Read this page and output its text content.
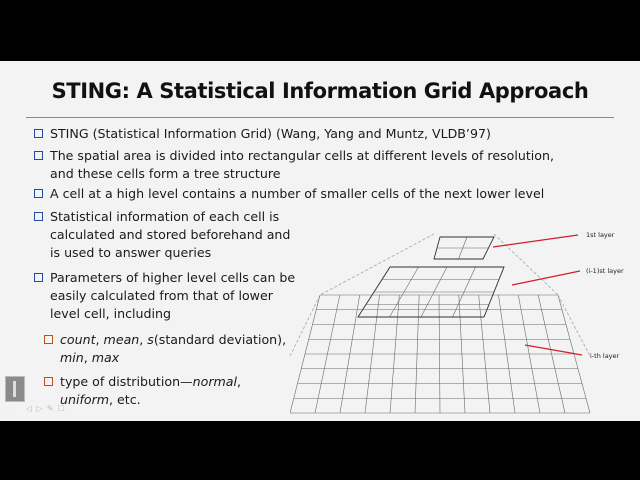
STING: A Statistical Information Grid Approach
STING (Statistical Information Grid) (Wang, Yang and Muntz, VLDB’97)
The spatial area is divided into rectangular cells at different levels of resolution,
and these cells form a tree structure
A cell at a high level contains a number of smaller cells of the next lower level
Statistical information of each cell is
calculated and stored beforehand and
is used to answer queries
Parameters of higher level cells can be
easily calculated from that of lower
level cell, including
count, mean, s(standard deviation),
min, max
type of distribution—normal,
uniform, etc.
1st layer
(i-1)st layer
i-th layer
17 ◁ ▷ ✎ ☐
